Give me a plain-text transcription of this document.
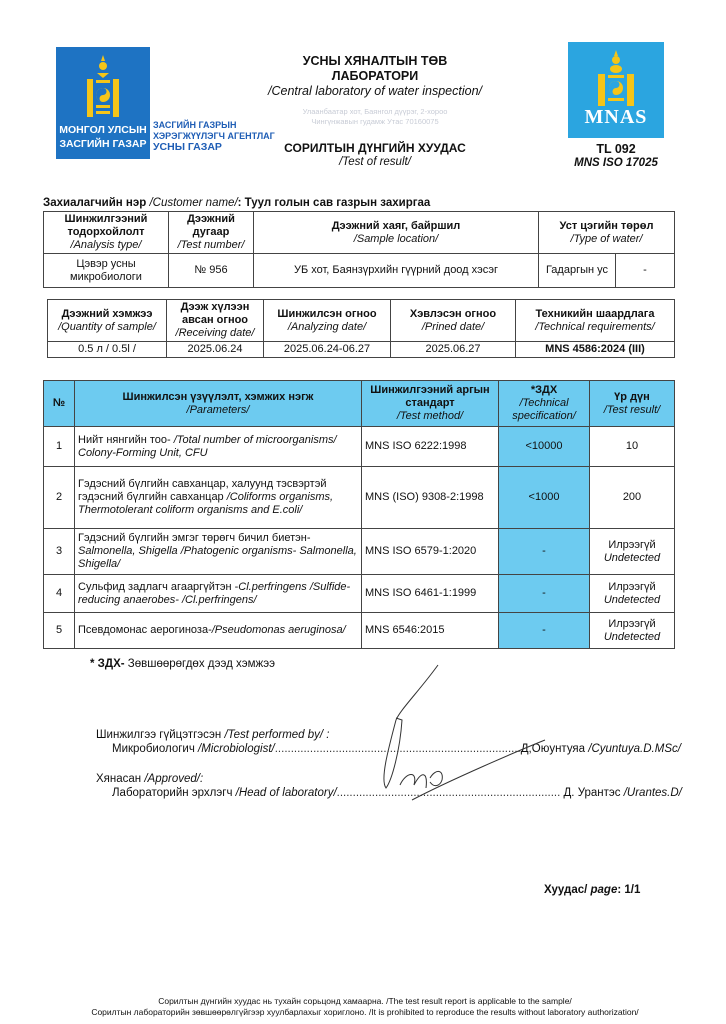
МОНГОЛ УЛСЫН
ЗАСГИЙН ГАЗАР
ЗАСГИЙН ГАЗРЫН
ХЭРЭГЖҮҮЛЭГЧ АГЕНТЛАГ
УСНЫ ГАЗАР
УСНЫ ХЯНАЛТЫН ТӨВ
ЛАБОРАТОРИ
/Central laboratory of water inspection/
Улаанбаатар хот, Баянгол дүүрэг, 2-хороо
Чингүнжавын гудамж Утас 70160075
СОРИЛТЫН ДҮНГИЙН ХУУДАС
/Test of result/
MNAS
TL 092
MNS ISO 17025
Захиалагчийн нэр /Customer name/: Туул голын сав газрын захиргаа
Шинжилгээний тодорхойлолт
/Analysis type/	Дээжний дугаар
/Test number/	Дээжний хаяг, байршил
/Sample location/	Уст цэгийн төрөл
/Type of water/	

Цэвэр усны микробиологи	№ 956	УБ хот, Баянзүрхийн гүүрний доод хэсэг	Гадаргын ус	-
Дээжний хэмжээ
/Quantity of sample/	Дээж хүлээн авсан огноо
/Receiving date/	Шинжилсэн огноо
/Analyzing date/	Хэвлэсэн огноо
/Prined date/	Техникийн шаардлага
/Technical requirements/

0.5 л / 0.5l /	2025.06.24	2025.06.24-06.27	2025.06.27	MNS 4586:2024 (III)
№	Шинжилсэн үзүүлэлт, хэмжих нэгж
/Parameters/	Шинжилгээний аргын стандарт
/Test method/	*ЗДХ
/Technical specification/	Үр дүн
/Test result/

1	Нийт нянгийн тоо- /Total number of microorganisms/ Colony-Forming Unit, CFU	MNS ISO 6222:1998	<10000	10
2	Гэдэсний бүлгийн савханцар, халуунд тэсвэртэй гэдэсний бүлгийн савханцар /Coliforms organisms, Thermotolerant coliform organisms and E.coli/	MNS (ISO) 9308-2:1998	<1000	200
3	Гэдэсний бүлгийн эмгэг төрөгч бичил биетэн- Salmonella, Shigella /Phatogenic organisms- Salmonella, Shigella/	MNS ISO 6579-1:2020	-	Илрээгүй
Undetected
4	Сульфид задлагч агааргүйтэн -Cl.perfringens /Sulfide-reducing anaerobes- /Cl.perfringens/	MNS ISO 6461-1:1999	-	Илрээгүй
Undetected
5	Псевдомонас аерогиноза-/Pseudomonas aeruginosa/	MNS 6546:2015	-	Илрээгүй
Undetected
* ЗДХ- Зөвшөөрөгдөх дээд хэмжээ
Шинжилгээ гүйцэтгэсэн /Test performed by/ :
Микробиологич /Microbiologist/.............................................................................Д,Оюунтуяа /Cyuntuya.D.MSc/
Хянасан /Approved/:
Лабораторийн эрхлэгч /Head of laboratory/...................................................................... Д. Урантэс /Urantes.D/
Хуудас/ page: 1/1
Сорилтын дүнгийн хуудас нь тухайн сорьцонд хамаарна. /The test result report is applicable to the sample/
Сорилтын лабораторийн зөвшөөрөлгүйгээр хуулбарлахыг хориглоно. /It is prohibited to reproduce the results without laboratory authorization/
